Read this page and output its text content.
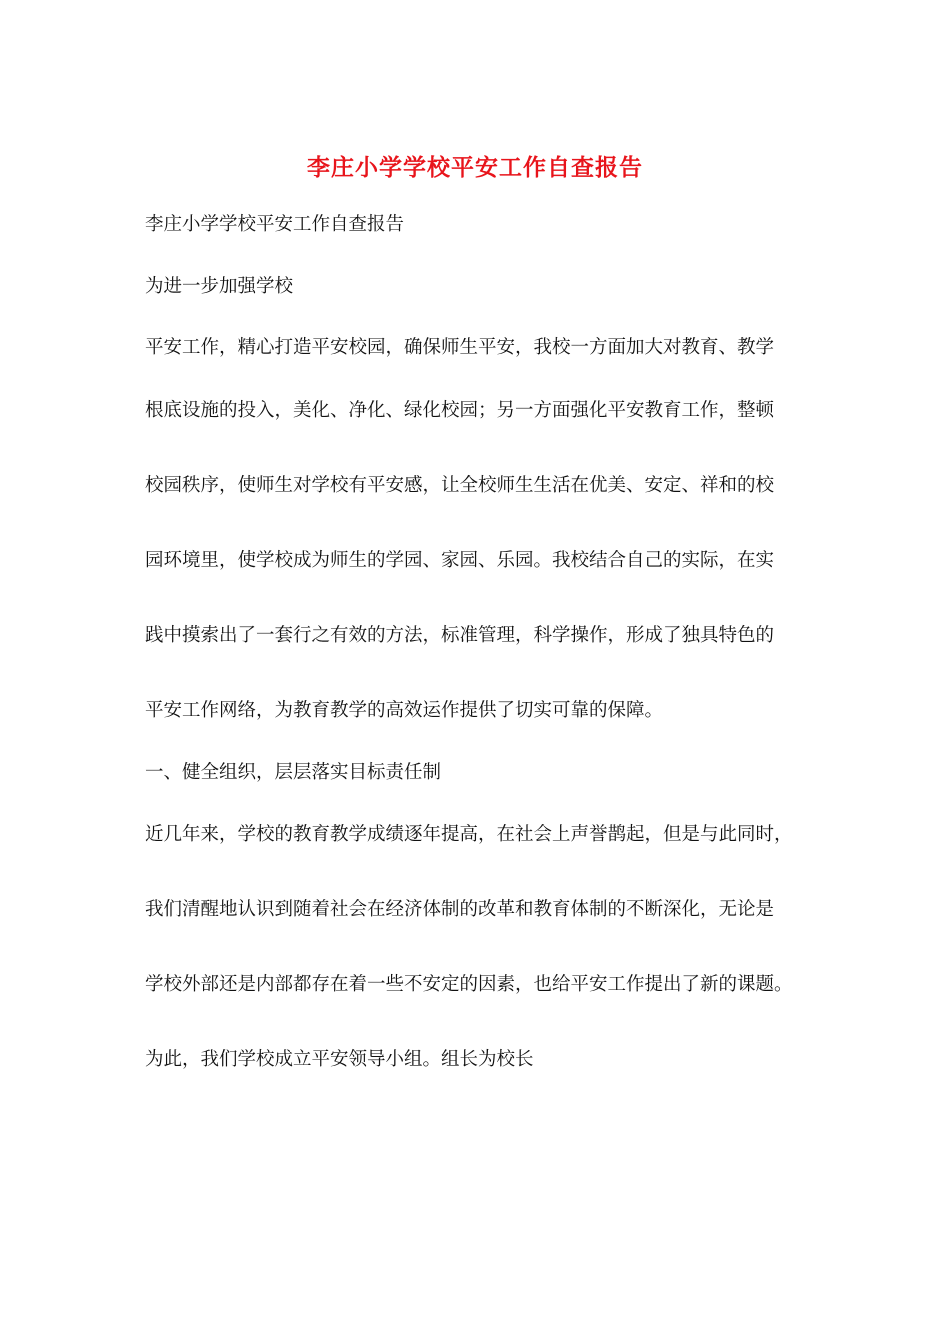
李庄小学学校平安工作自查报告

李庄小学学校平安工作自查报告

为进一步加强学校

平安工作，精心打造平安校园，确保师生平安，我校一方面加大对教育、教学

根底设施的投入，美化、净化、绿化校园；另一方面强化平安教育工作，整顿

校园秩序，使师生对学校有平安感，让全校师生生活在优美、安定、祥和的校

园环境里，使学校成为师生的学园、家园、乐园。我校结合自己的实际，在实

践中摸索出了一套行之有效的方法，标准管理，科学操作，形成了独具特色的

平安工作网络，为教育教学的高效运作提供了切实可靠的保障。

一、健全组织，层层落实目标责任制

近几年来，学校的教育教学成绩逐年提高，在社会上声誉鹊起，但是与此同时，

我们清醒地认识到随着社会在经济体制的改革和教育体制的不断深化，无论是

学校外部还是内部都存在着一些不安定的因素，也给平安工作提出了新的课题。

为此，我们学校成立平安领导小组。组长为校长
